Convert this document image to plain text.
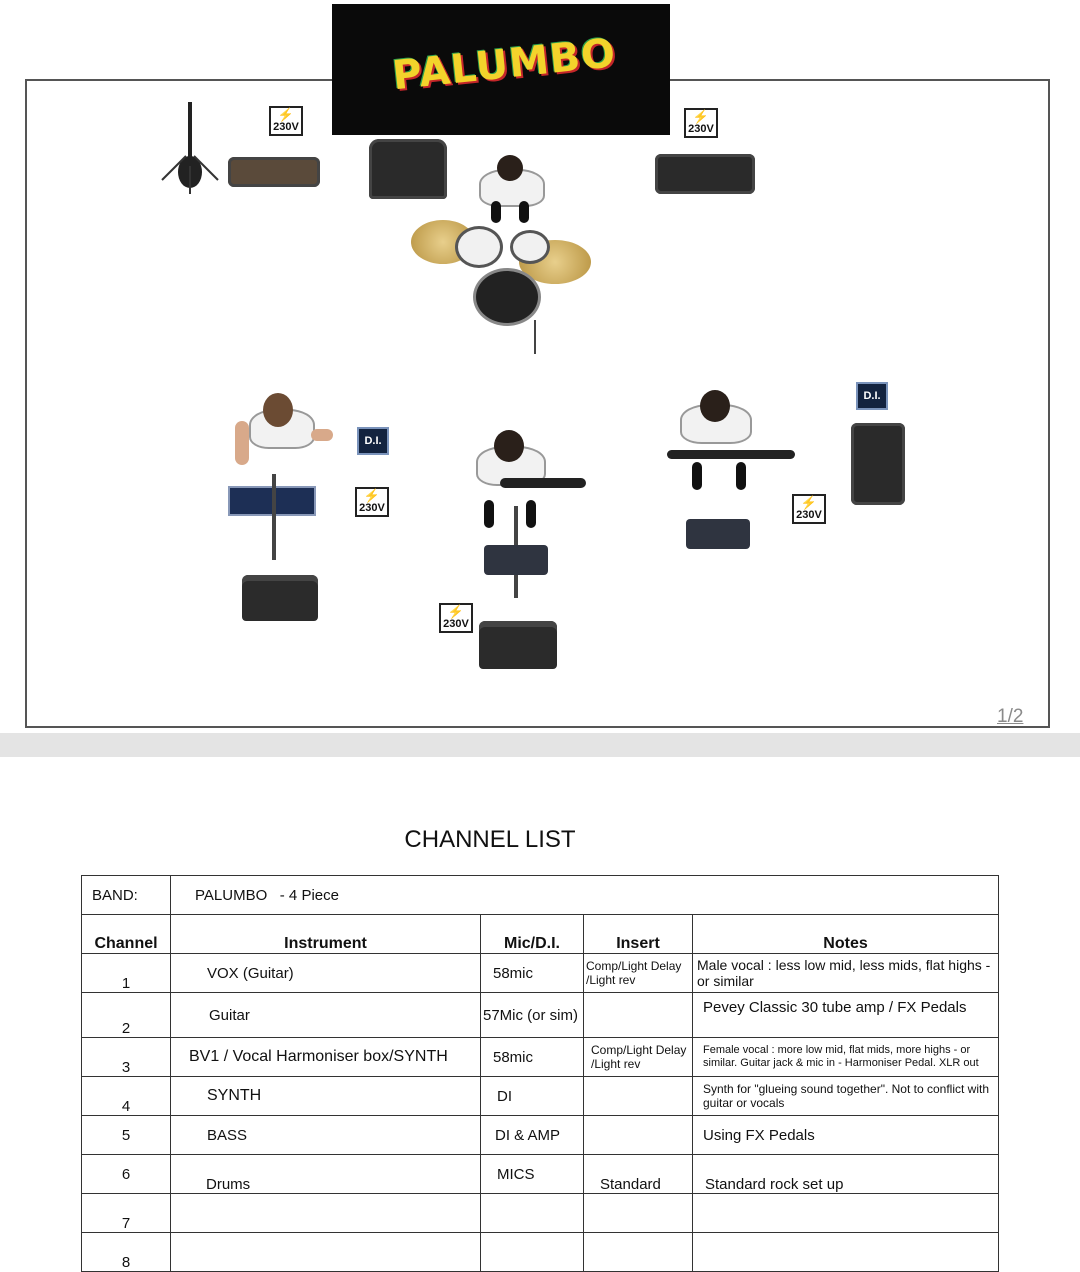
PALUMBO
⚡
230V
⚡
230V
⚡
230V	⚡
230V
⚡
230V
D.I.
D.I.
1/2
CHANNEL LIST
BAND:	PALUMBO - 4 Piece			
Channel	Instrument	Mic/D.I.	Insert	Notes
1	VOX (Guitar)	58mic	Comp/Light Delay /Light rev	Male vocal : less low mid, less mids, flat highs - or similar
2	Guitar	57Mic (or sim)		Pevey Classic 30 tube amp / FX Pedals
3	BV1 / Vocal Harmoniser box/SYNTH	58mic	Comp/Light Delay /Light rev	Female vocal : more low mid, flat mids, more highs - or similar. Guitar jack & mic in - Harmoniser Pedal. XLR out
4	SYNTH	DI		Synth for "glueing sound together". Not to conflict with guitar or vocals
5	BASS	DI & AMP		Using FX Pedals
6	Drums	MICS	Standard	Standard rock set up
7				
8				
